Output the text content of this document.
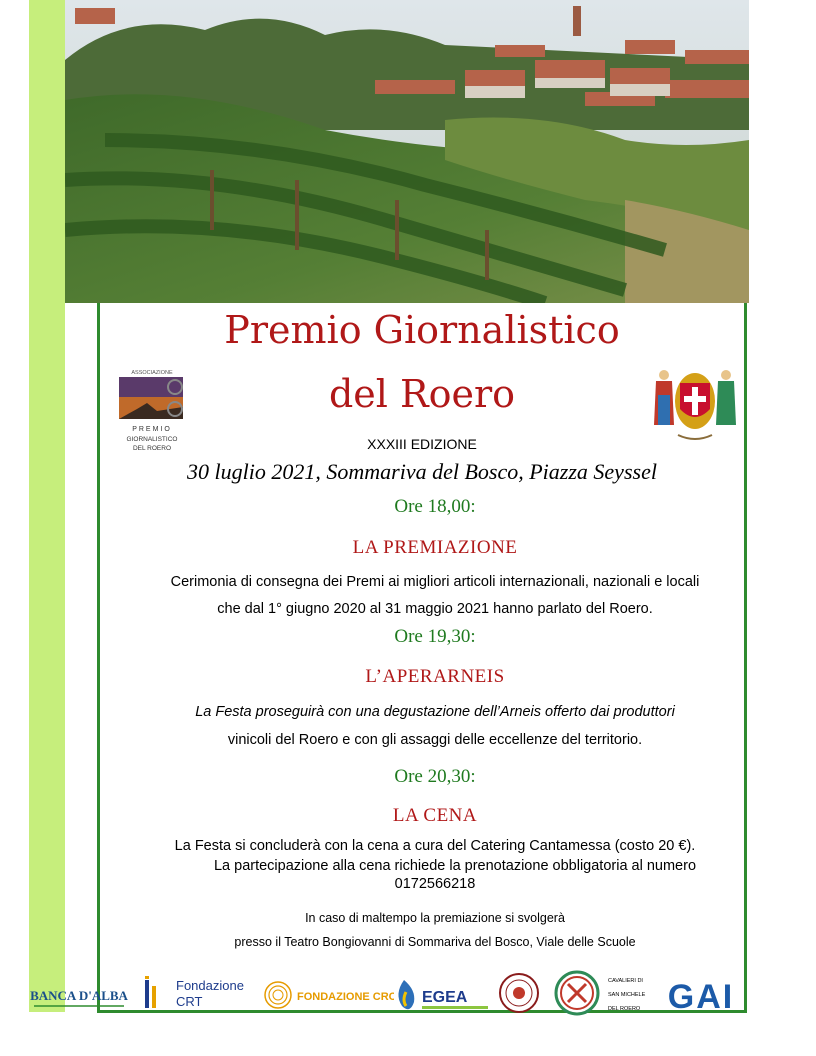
ASSOCIAZIONE
PREMIO
GIORNALISTICO
DEL ROERO
Premio Giornalistico
del Roero
XXXIII EDIZIONE
30 luglio 2021, Sommariva del Bosco, Piazza Seyssel
Ore 18,00:
LA PREMIAZIONE
Cerimonia di consegna dei Premi ai migliori articoli internazionali, nazionali e locali
che dal 1° giugno 2020 al 31 maggio 2021 hanno parlato del Roero.
Ore 19,30:
L’APERARNEIS
La Festa proseguirà con una degustazione dell’Arneis offerto dai produttori
vinicoli del Roero e con gli assaggi delle eccellenze del territorio.
Ore 20,30:
LA CENA
La Festa si concluderà con la cena a cura del Catering Cantamessa (costo 20 €).
La partecipazione alla cena richiede la prenotazione obbligatoria al numero
0172566218
In caso di maltempo la premiazione si svolgerà
presso il Teatro Bongiovanni di Sommariva del Bosco, Viale delle Scuole
BANCA D'ALBA
Fondazione
CRT	FONDAZIONE CRC EGEA
CAVALIERI DI
SAN MICHELE
DEL ROERO GAI
